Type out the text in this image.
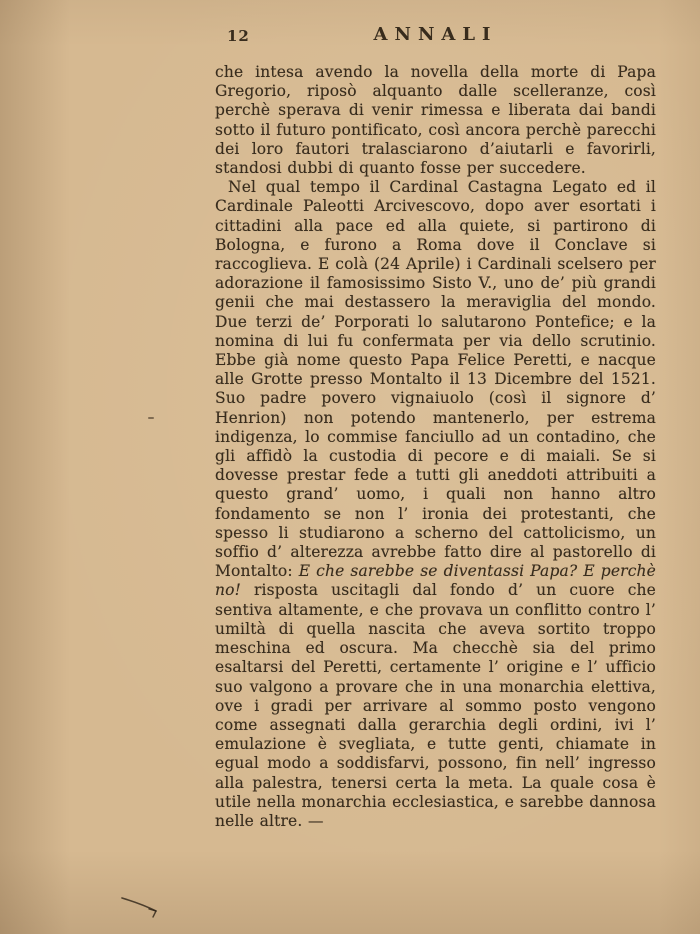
12	ANNALI

che intesa avendo la novella della morte di Papa Gregorio, riposò alquanto dalle scelleranze, così perchè sperava di venir rimessa e liberata dai bandi sotto il futuro pontificato, così ancora perchè parecchi dei loro fautori tralasciarono d’aiutarli e favorirli, standosi dubbi di quanto fosse per succedere.

Nel qual tempo il Cardinal Castagna Legato ed il Cardinale Paleotti Arcivescovo, dopo aver esortati i cittadini alla pace ed alla quiete, si partirono di Bologna, e furono a Roma dove il Conclave si raccoglieva. E colà (24 Aprile) i Cardinali scelsero per adorazione il famosissimo Sisto V., uno de’ più grandi genii che mai destassero la meraviglia del mondo. Due terzi de’ Porporati lo salutarono Pontefice; e la nomina di lui fu confermata per via dello scrutinio. Ebbe già nome questo Papa Felice Peretti, e nacque alle Grotte presso Montalto il 13 Dicembre del 1521. Suo padre povero vignaiuolo (così il signore d’ Henrion) non potendo mantenerlo, per estrema indigenza, lo commise fanciullo ad un contadino, che gli affidò la custodia di pecore e di maiali. Se si dovesse prestar fede a tutti gli aneddoti attribuiti a questo grand’ uomo, i quali non hanno altro fondamento se non l’ ironia dei protestanti, che spesso li studiarono a scherno del cattolicismo, un soffio d’ alterezza avrebbe fatto dire al pastorello di Montalto: E che sarebbe se diventassi Papa? E perchè no! risposta uscitagli dal fondo d’ un cuore che sentiva altamente, e che provava un conflitto contro l’ umiltà di quella nascita che aveva sortito troppo meschina ed oscura. Ma checchè sia del primo esaltarsi del Peretti, certamente l’ origine e l’ ufficio suo valgono a provare che in una monarchia elettiva, ove i gradi per arrivare al sommo posto vengono come assegnati dalla gerarchia degli ordini, ivi l’ emulazione è svegliata, e tutte genti, chiamate in egual modo a soddisfarvi, possono, fin nell’ ingresso alla palestra, tenersi certa la meta. La quale cosa è utile nella monarchia ecclesiastica, e sarebbe dannosa nelle altre. —
